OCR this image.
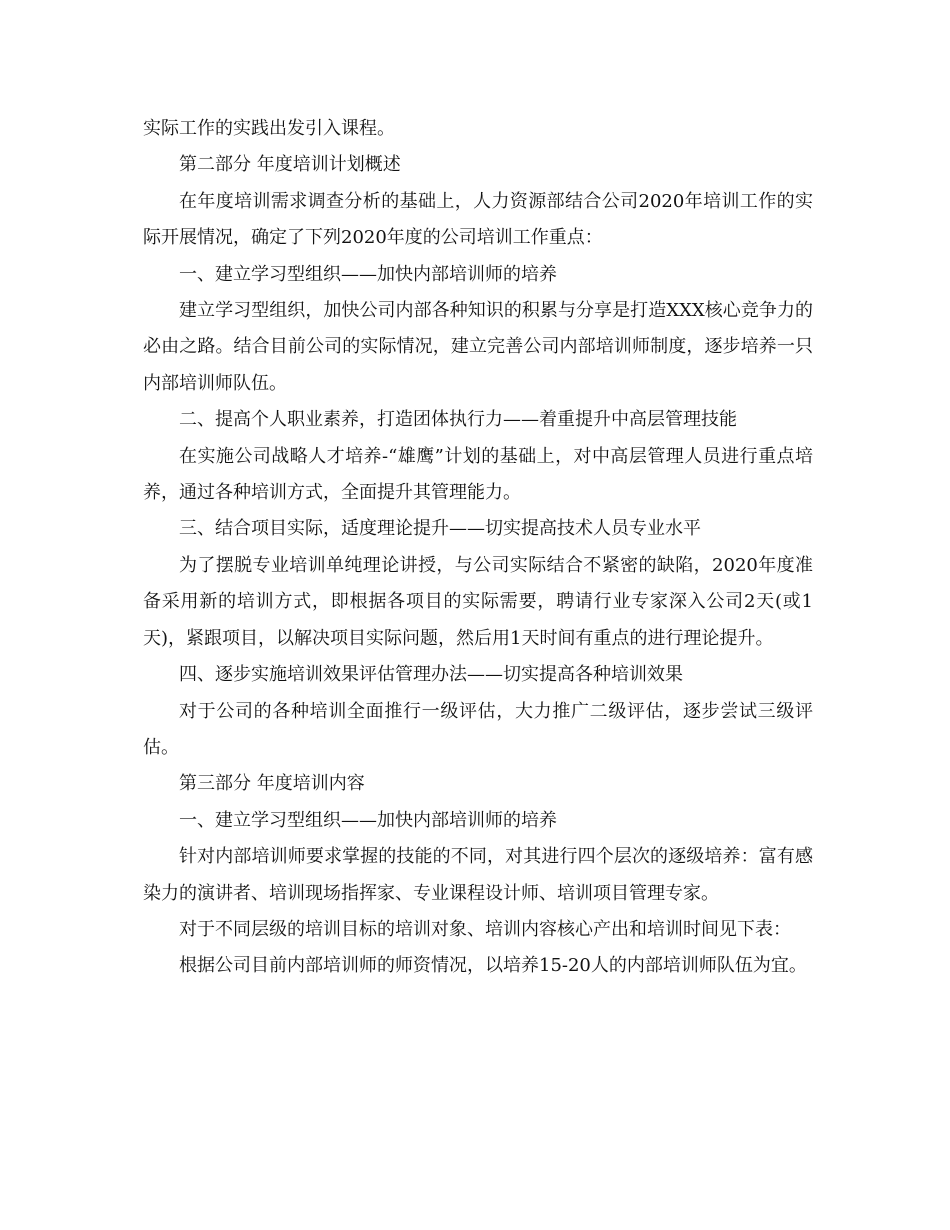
实际工作的实践出发引入课程。

第二部分 年度培训计划概述

在年度培训需求调查分析的基础上，人力资源部结合公司2020年培训工作的实际开展情况，确定了下列2020年度的公司培训工作重点：

一、建立学习型组织——加快内部培训师的培养

建立学习型组织，加快公司内部各种知识的积累与分享是打造XXX核心竞争力的必由之路。结合目前公司的实际情况，建立完善公司内部培训师制度，逐步培养一只内部培训师队伍。

二、提高个人职业素养，打造团体执行力——着重提升中高层管理技能

在实施公司战略人才培养-“雄鹰”计划的基础上，对中高层管理人员进行重点培养，通过各种培训方式，全面提升其管理能力。

三、结合项目实际，适度理论提升——切实提高技术人员专业水平

为了摆脱专业培训单纯理论讲授，与公司实际结合不紧密的缺陷，2020年度准备采用新的培训方式，即根据各项目的实际需要，聘请行业专家深入公司2天(或1天)，紧跟项目，以解决项目实际问题，然后用1天时间有重点的进行理论提升。

四、逐步实施培训效果评估管理办法——切实提高各种培训效果

对于公司的各种培训全面推行一级评估，大力推广二级评估，逐步尝试三级评估。

第三部分 年度培训内容

一、建立学习型组织——加快内部培训师的培养

针对内部培训师要求掌握的技能的不同，对其进行四个层次的逐级培养：富有感染力的演讲者、培训现场指挥家、专业课程设计师、培训项目管理专家。

对于不同层级的培训目标的培训对象、培训内容核心产出和培训时间见下表：

根据公司目前内部培训师的师资情况，以培养15-20人的内部培训师队伍为宜。
